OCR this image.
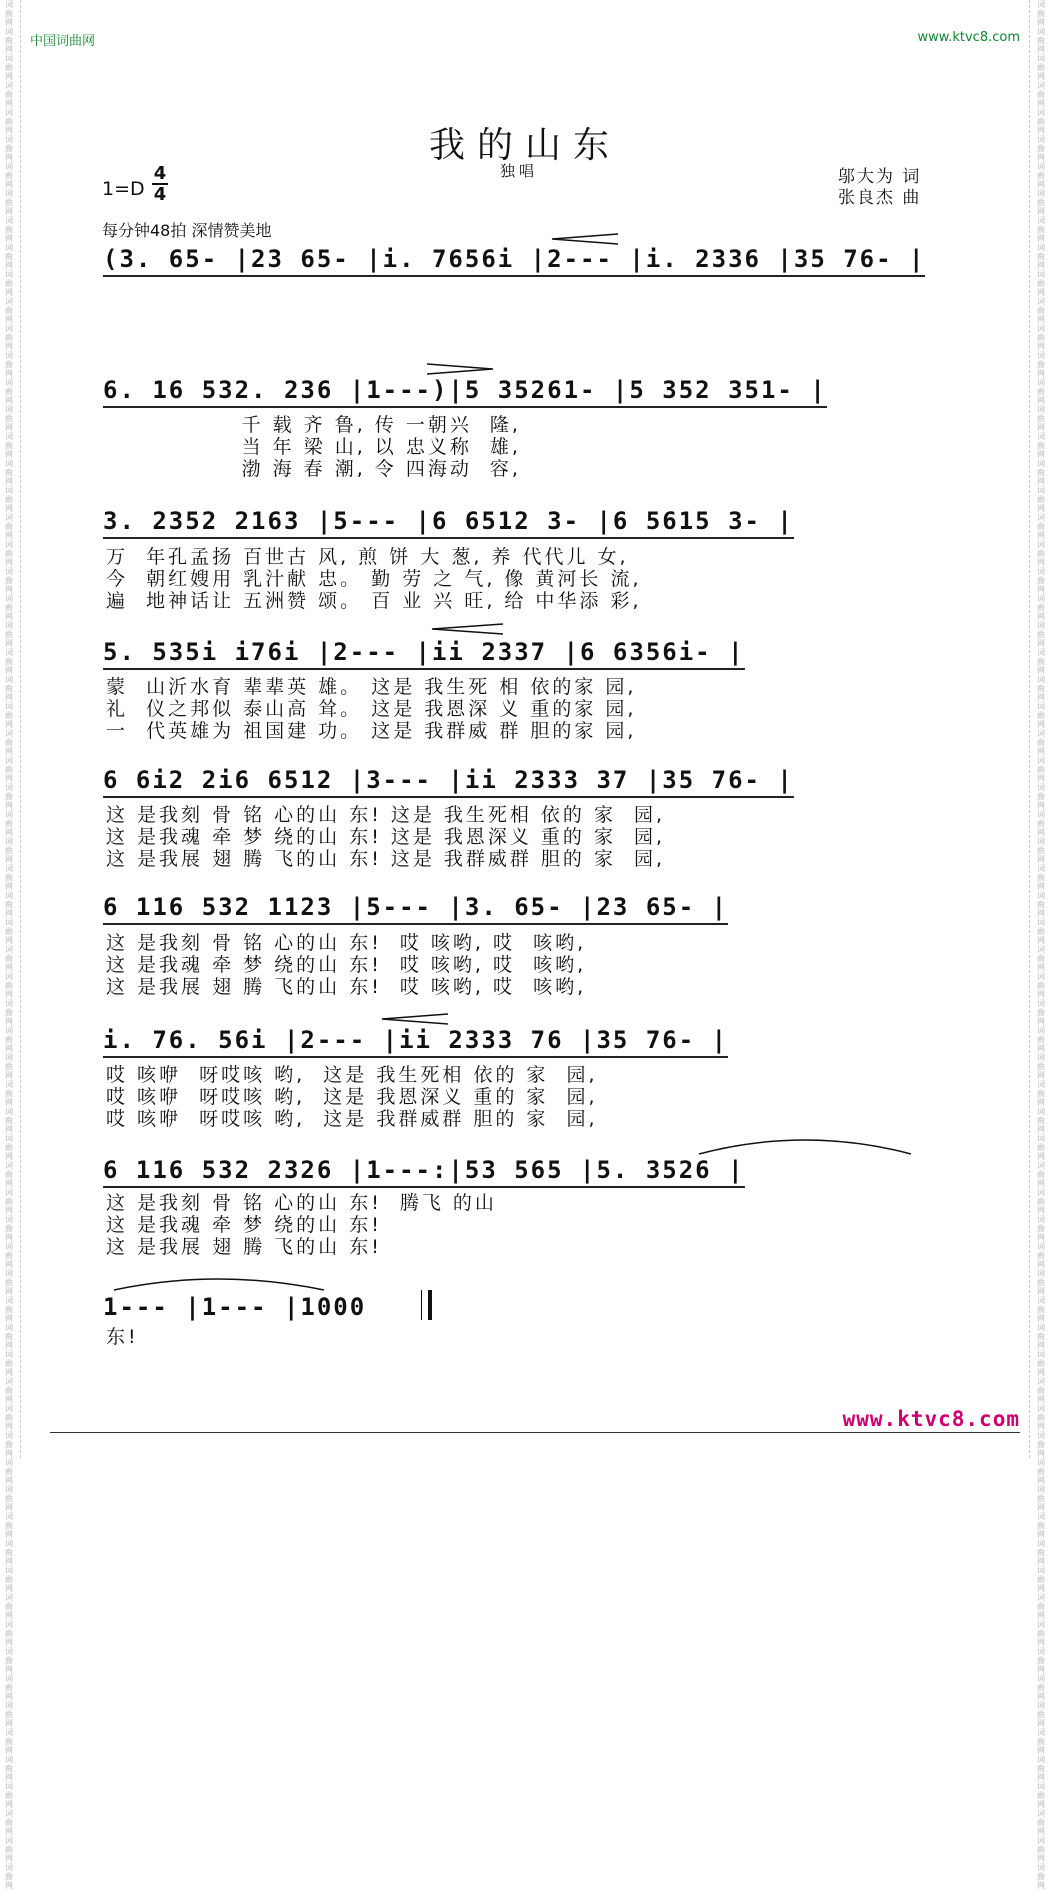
词曲网 词曲网 词曲网 词曲网 词曲网 词曲网 词曲网 词曲网 词曲网 词曲网 词曲网 词曲网 词曲网 词曲网 词曲网 词曲网 词曲网 词曲网 词曲网 词曲网 词曲网 词曲网 词曲网 词曲网 词曲网 词曲网 词曲网 词曲网 词曲网 词曲网 词曲网 词曲网 词曲网 词曲网 词曲网 词曲网 词曲网 词曲网 词曲网 词曲网 词曲网 词曲网 词曲网 词曲网 词曲网 词曲网 词曲网 词曲网 词曲网 词曲网 词曲网 词曲网 词曲网 词曲网 词曲网 词曲网 词曲网 词曲网 词曲网 词曲网 词曲网 词曲网 词曲网 词曲网 词曲网 词曲网 词曲网 词曲网 词曲网 词曲网
词曲网 词曲网 词曲网 词曲网 词曲网 词曲网 词曲网 词曲网 词曲网 词曲网 词曲网 词曲网 词曲网 词曲网 词曲网 词曲网 词曲网 词曲网 词曲网 词曲网 词曲网 词曲网 词曲网 词曲网 词曲网 词曲网 词曲网 词曲网 词曲网 词曲网 词曲网 词曲网 词曲网 词曲网 词曲网 词曲网 词曲网 词曲网 词曲网 词曲网 词曲网 词曲网 词曲网 词曲网 词曲网 词曲网 词曲网 词曲网 词曲网 词曲网 词曲网 词曲网 词曲网 词曲网 词曲网 词曲网 词曲网 词曲网 词曲网 词曲网 词曲网 词曲网 词曲网 词曲网 词曲网 词曲网 词曲网 词曲网 词曲网 词曲网
中国词曲网	www.ktvc8.com
我的山东
独唱	邬大为 词
张良杰 曲
1=D
4
4
每分钟48拍 深情赞美地
(3. 65- |23 65- |i. 7656i |2--- |i. 2336 |35 76- |
6. 16 532. 236 |1---)|5 35261- |5 352 351- |
千 载 齐 鲁, 传 一朝兴  隆,
当 年 梁 山, 以 忠义称  雄,
渤 海 春 潮, 令 四海动  容,
3. 2352 2163 |5--- |6 6512 3- |6 5615 3- |
万  年孔孟扬 百世古 风, 煎 饼 大 葱, 养 代代儿 女,
今  朝红嫂用 乳汁献 忠。 勤 劳 之 气, 像 黄河长 流,
遍  地神话让 五洲赞 颂。 百 业 兴 旺, 给 中华添 彩,
5. 535i i76i |2--- |ii 2337 |6 6356i- |
蒙  山沂水育 辈辈英 雄。 这是 我生死 相 依的家 园,
礼  仪之邦似 泰山高 耸。 这是 我恩深 义 重的家 园,
一  代英雄为 祖国建 功。 这是 我群威 群 胆的家 园,
6 6i2 2i6 6512 |3--- |ii 2333 37 |35 76- |
这 是我刻 骨 铭 心的山 东! 这是 我生死相 依的 家  园,
这 是我魂 牵 梦 绕的山 东! 这是 我恩深义 重的 家  园,
这 是我展 翅 腾 飞的山 东! 这是 我群威群 胆的 家  园,
6 116 532 1123 |5--- |3. 65- |23 65- |
这 是我刻 骨 铭 心的山 东!  哎 咳哟, 哎  咳哟,
这 是我魂 牵 梦 绕的山 东!  哎 咳哟, 哎  咳哟,
这 是我展 翅 腾 飞的山 东!  哎 咳哟, 哎  咳哟,
i. 76. 56i |2--- |ii 2333 76 |35 76- |
哎 咳咿  呀哎咳 哟,  这是 我生死相 依的 家  园,
哎 咳咿  呀哎咳 哟,  这是 我恩深义 重的 家  园,
哎 咳咿  呀哎咳 哟,  这是 我群威群 胆的 家  园,
6 116 532 2326 |1---:|53 565 |5. 3526 |
这 是我刻 骨 铭 心的山 东!  腾飞 的山
这 是我魂 牵 梦 绕的山 东!
这 是我展 翅 腾 飞的山 东!
1--- |1--- |1000
东!
www.ktvc8.com
